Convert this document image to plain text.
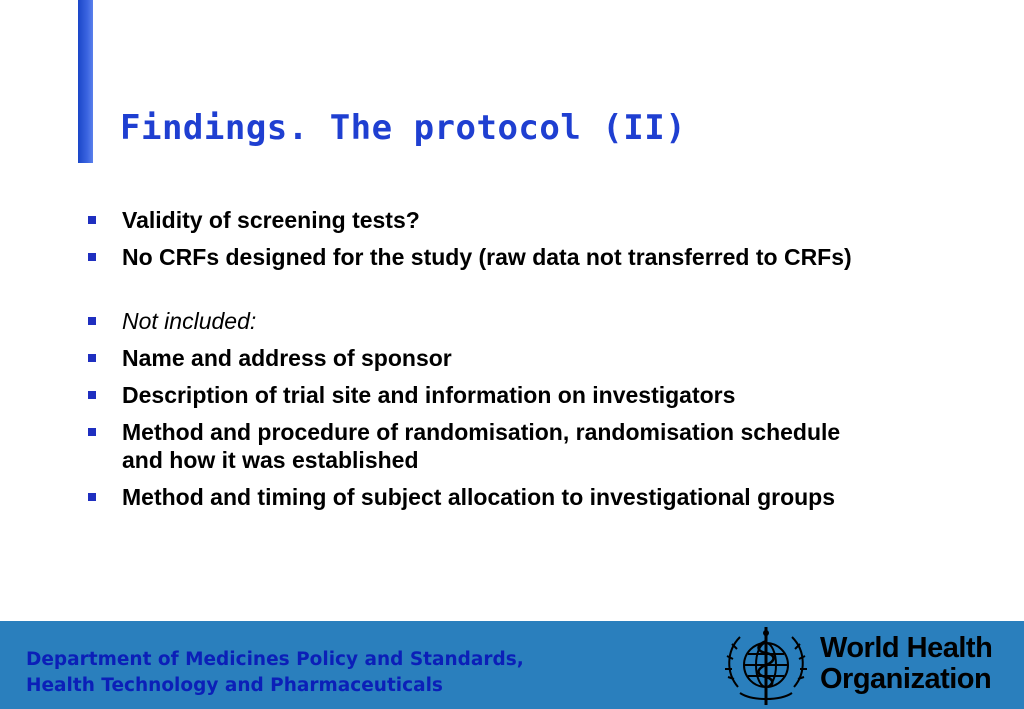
Findings. The protocol (II)
Validity of screening tests?
No CRFs designed for the study (raw data not transferred to CRFs)
Not included:
Name and address of sponsor
Description of trial site and information on investigators
Method and procedure of randomisation, randomisation schedule and how it was established
Method and timing of subject allocation to investigational groups
Department of Medicines Policy and Standards,
Health Technology and Pharmaceuticals
World Health
Organization
